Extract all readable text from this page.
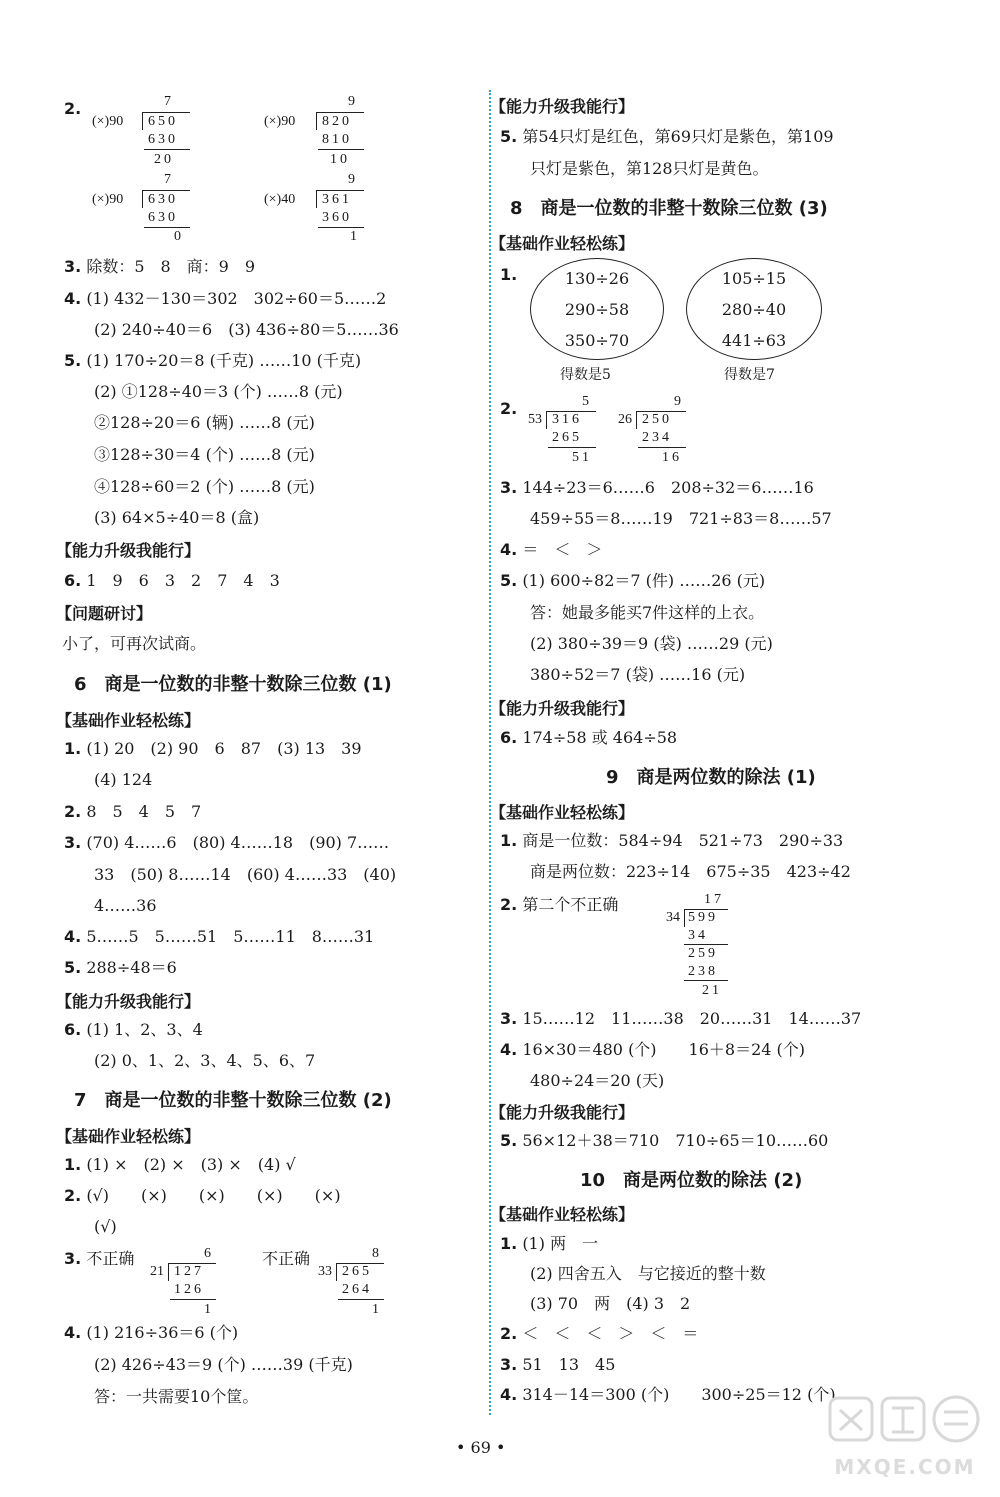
2.	7
(×)90 650
630
20
9
(×)90 820
810
10
7
(×)90 630
630
0
9
(×)40 361
360
1
3. 除数：5　8　商：9　9
4. (1) 432－130＝302　302÷60＝5……2
(2) 240÷40＝6　(3) 436÷80＝5……36
5. (1) 170÷20＝8 (千克) ……10 (千克)
(2) ①128÷40＝3 (个) ……8 (元)
②128÷20＝6 (辆) ……8 (元)
③128÷30＝4 (个) ……8 (元)
④128÷60＝2 (个) ……8 (元)
(3) 64×5÷40＝8 (盒)
【能力升级我能行】
6. 1　9　6　3　2　7　4　3
【问题研讨】
小了，可再次试商。
6　商是一位数的非整十数除三位数 (1)
【基础作业轻松练】
1. (1) 20　(2) 90　6　87　(3) 13　39
(4) 124
2. 8　5　4　5　7
3. (70) 4……6　(80) 4……18　(90) 7……
33　(50) 8……14　(60) 4……33　(40)
4……36
4. 5……5　5……51　5……11　8……31
5. 288÷48＝6
【能力升级我能行】
6. (1) 1、2、3、4
(2) 0、1、2、3、4、5、6、7
7　商是一位数的非整十数除三位数 (2)
【基础作业轻松练】
1. (1) ×　(2) ×　(3) ×　(4) √
2. (√)　　(×)　　(×)　　(×)　　(×)
(√)
3. 不正确	不正确
6
21 127
126
1
8
33 265
264
1
4. (1) 216÷36＝6 (个)
(2) 426÷43＝9 (个) ……39 (千克)
答：一共需要10个筐。
【能力升级我能行】
5. 第54只灯是红色，第69只灯是紫色，第109
只灯是紫色，第128只灯是黄色。
8　商是一位数的非整十数除三位数 (3)
【基础作业轻松练】
1.	130÷26
290÷58
350÷70
105÷15
280÷40
441÷63
得数是5	得数是7
2.	5
53 316
265
51
9
26 250
234
16
3. 144÷23＝6……6　208÷32＝6……16
459÷55＝8……19　721÷83＝8……57
4. ＝　＜　＞
5. (1) 600÷82＝7 (件) ……26 (元)
答：她最多能买7件这样的上衣。
(2) 380÷39＝9 (袋) ……29 (元)
380÷52＝7 (袋) ……16 (元)
【能力升级我能行】
6. 174÷58 或 464÷58
9　商是两位数的除法 (1)
【基础作业轻松练】
1. 商是一位数：584÷94　521÷73　290÷33
商是两位数：223÷14　675÷35　423÷42
2. 第二个不正确	17
34 599
34
259
238
21
3. 15……12　11……38　20……31　14……37
4. 16×30＝480 (个)　　16＋8＝24 (个)
480÷24＝20 (天)
【能力升级我能行】
5. 56×12＋38＝710　710÷65＝10……60
10　商是两位数的除法 (2)
【基础作业轻松练】
1. (1) 两　一
(2) 四舍五入　与它接近的整十数
(3) 70　两　(4) 3　2
2. ＜　＜　＜　＞　＜　＝
3. 51　13　45
4. 314－14＝300 (个)　　300÷25＝12 (个)
• 69 •
MXQE.COM
